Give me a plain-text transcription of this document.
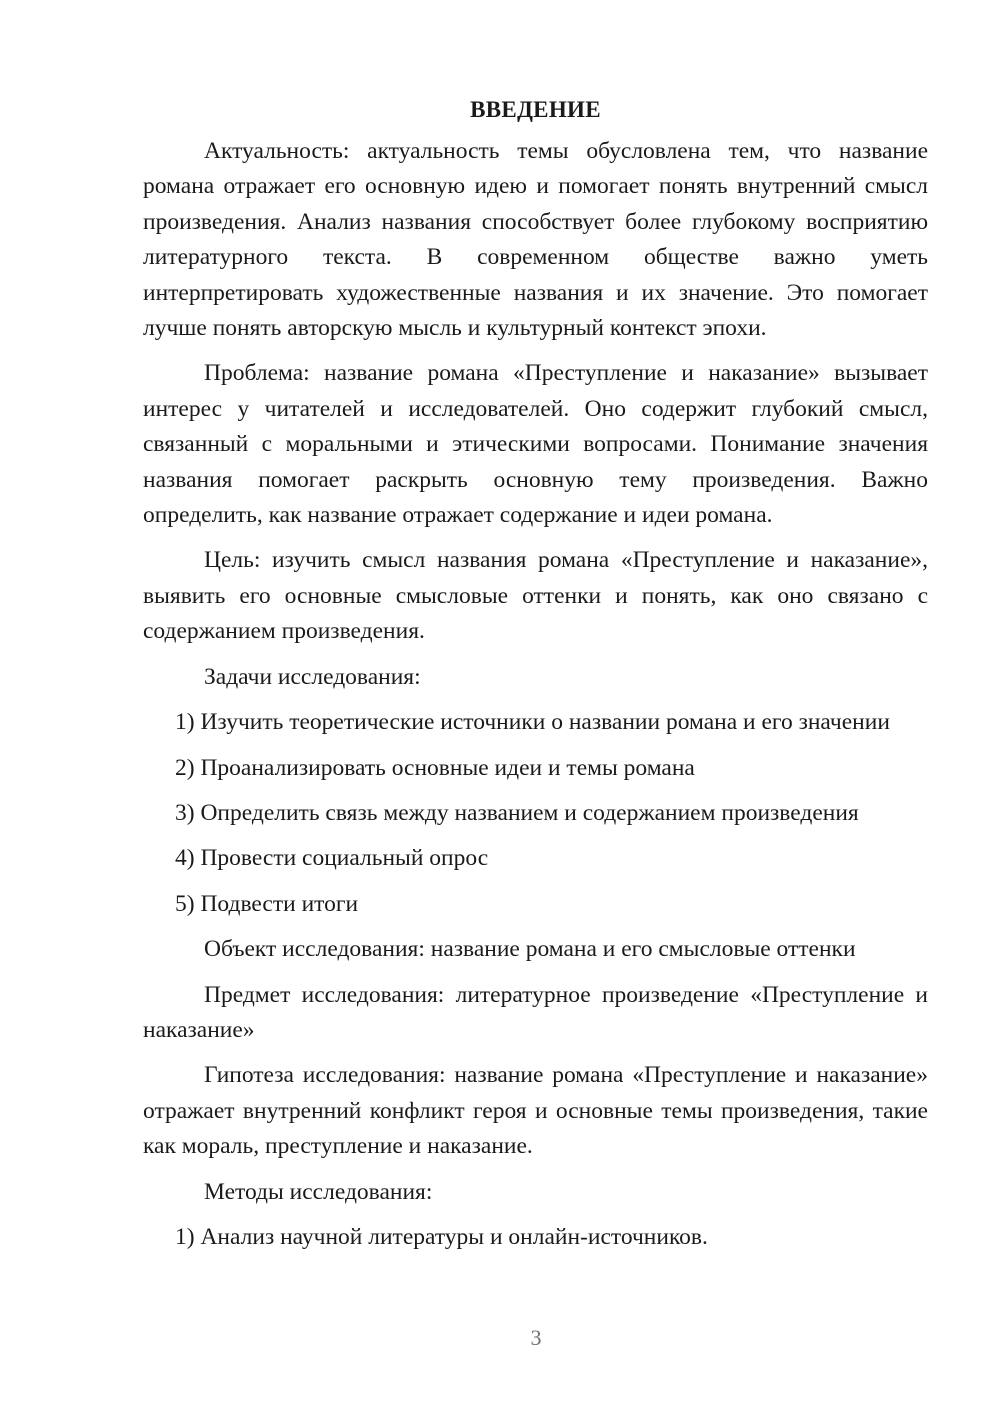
ВВЕДЕНИЕ

Актуальность: актуальность темы обусловлена тем, что название романа отражает его основную идею и помогает понять внутренний смысл произведения. Анализ названия способствует более глубокому восприятию литературного текста. В современном обществе важно уметь интерпретировать художественные названия и их значение. Это помогает лучше понять авторскую мысль и культурный контекст эпохи.

Проблема: название романа «Преступление и наказание» вызывает интерес у читателей и исследователей. Оно содержит глубокий смысл, связанный с моральными и этическими вопросами. Понимание значения названия помогает раскрыть основную тему произведения. Важно определить, как название отражает содержание и идеи романа.

Цель: изучить смысл названия романа «Преступление и наказание», выявить его основные смысловые оттенки и понять, как оно связано с содержанием произведения.

Задачи исследования:

1) Изучить теоретические источники о названии романа и его значении

2) Проанализировать основные идеи и темы романа

3) Определить связь между названием и содержанием произведения

4) Провести социальный опрос

5) Подвести итоги

Объект исследования: название романа и его смысловые оттенки

Предмет исследования: литературное произведение «Преступление и наказание»

Гипотеза исследования: название романа «Преступление и наказание» отражает внутренний конфликт героя и основные темы произведения, такие как мораль, преступление и наказание.

Методы исследования:

1) Анализ научной литературы и онлайн-источников.

3
